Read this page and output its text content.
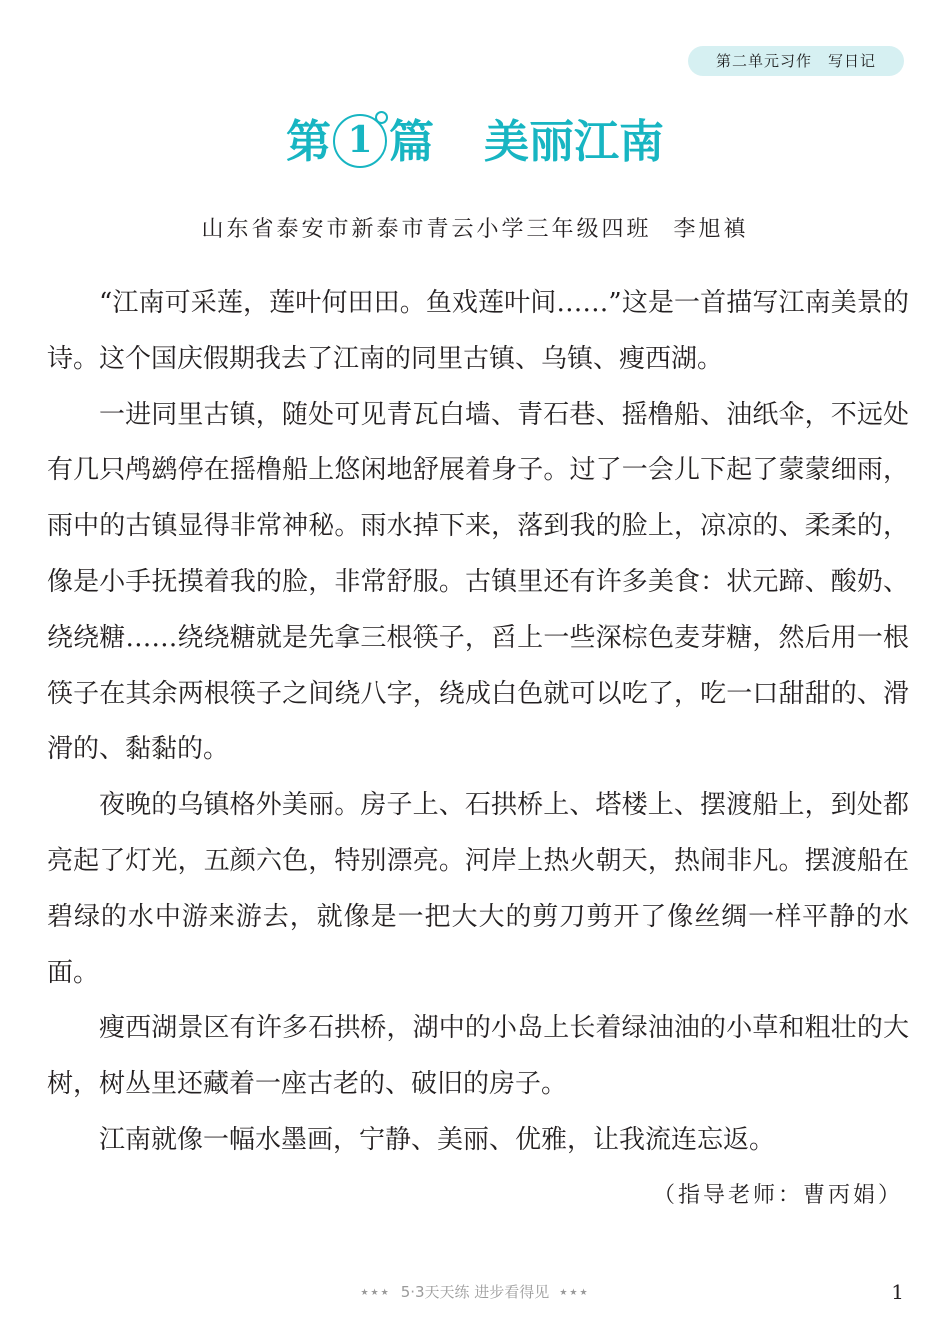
第二单元习作　写日记
第 1 篇 美丽江南
山东省泰安市新泰市青云小学三年级四班 李旭禛

“江南可采莲，莲叶何田田。鱼戏莲叶间……”这是一首描写江南美景的诗。这个国庆假期我去了江南的同里古镇、乌镇、瘦西湖。

一进同里古镇，随处可见青瓦白墙、青石巷、摇橹船、油纸伞，不远处有几只鸬鹚停在摇橹船上悠闲地舒展着身子。过了一会儿下起了蒙蒙细雨，雨中的古镇显得非常神秘。雨水掉下来，落到我的脸上，凉凉的、柔柔的，像是小手抚摸着我的脸，非常舒服。古镇里还有许多美食：状元蹄、酸奶、绕绕糖……绕绕糖就是先拿三根筷子，舀上一些深棕色麦芽糖，然后用一根筷子在其余两根筷子之间绕八字，绕成白色就可以吃了，吃一口甜甜的、滑滑的、黏黏的。

夜晚的乌镇格外美丽。房子上、石拱桥上、塔楼上、摆渡船上，到处都亮起了灯光，五颜六色，特别漂亮。河岸上热火朝天，热闹非凡。摆渡船在碧绿的水中游来游去，就像是一把大大的剪刀剪开了像丝绸一样平静的水面。

瘦西湖景区有许多石拱桥，湖中的小岛上长着绿油油的小草和粗壮的大树，树丛里还藏着一座古老的、破旧的房子。

江南就像一幅水墨画，宁静、美丽、优雅，让我流连忘返。

（指导老师：曹丙娟）
★★★ 5·3天天练 进步看得见 ★★★	1
